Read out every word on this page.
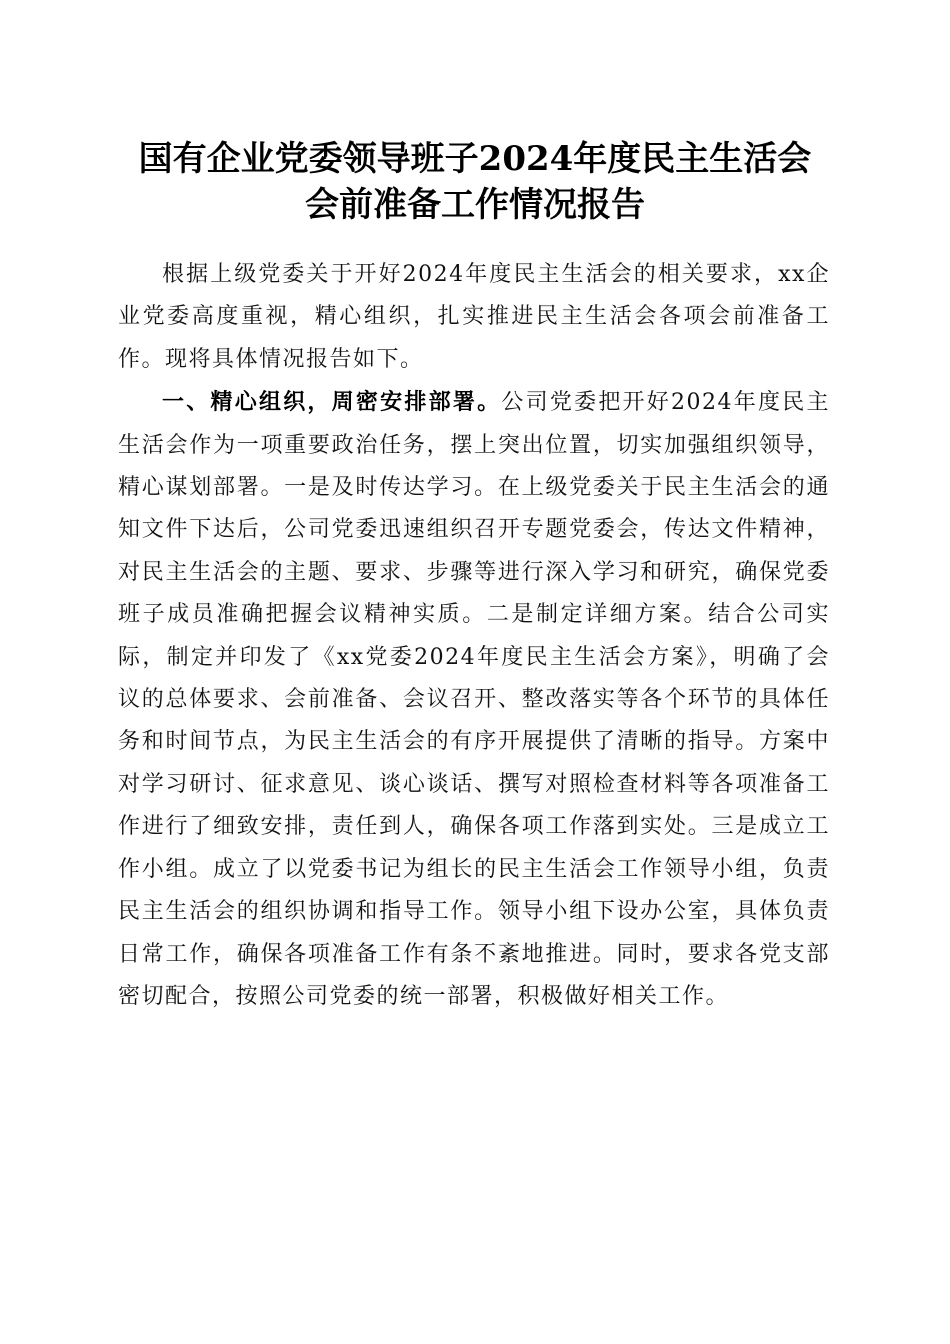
国有企业党委领导班子2024年度民主生活会
会前准备工作情况报告

根据上级党委关于开好2024年度民主生活会的相关要求，xx企业党委高度重视，精心组织，扎实推进民主生活会各项会前准备工作。现将具体情况报告如下。

一、精心组织，周密安排部署。公司党委把开好2024年度民主生活会作为一项重要政治任务，摆上突出位置，切实加强组织领导，精心谋划部署。一是及时传达学习。在上级党委关于民主生活会的通知文件下达后，公司党委迅速组织召开专题党委会，传达文件精神，对民主生活会的主题、要求、步骤等进行深入学习和研究，确保党委班子成员准确把握会议精神实质。二是制定详细方案。结合公司实际，制定并印发了《xx党委2024年度民主生活会方案》，明确了会议的总体要求、会前准备、会议召开、整改落实等各个环节的具体任务和时间节点，为民主生活会的有序开展提供了清晰的指导。方案中对学习研讨、征求意见、谈心谈话、撰写对照检查材料等各项准备工作进行了细致安排，责任到人，确保各项工作落到实处。三是成立工作小组。成立了以党委书记为组长的民主生活会工作领导小组，负责民主生活会的组织协调和指导工作。领导小组下设办公室，具体负责日常工作，确保各项准备工作有条不紊地推进。同时，要求各党支部密切配合，按照公司党委的统一部署，积极做好相关工作。
